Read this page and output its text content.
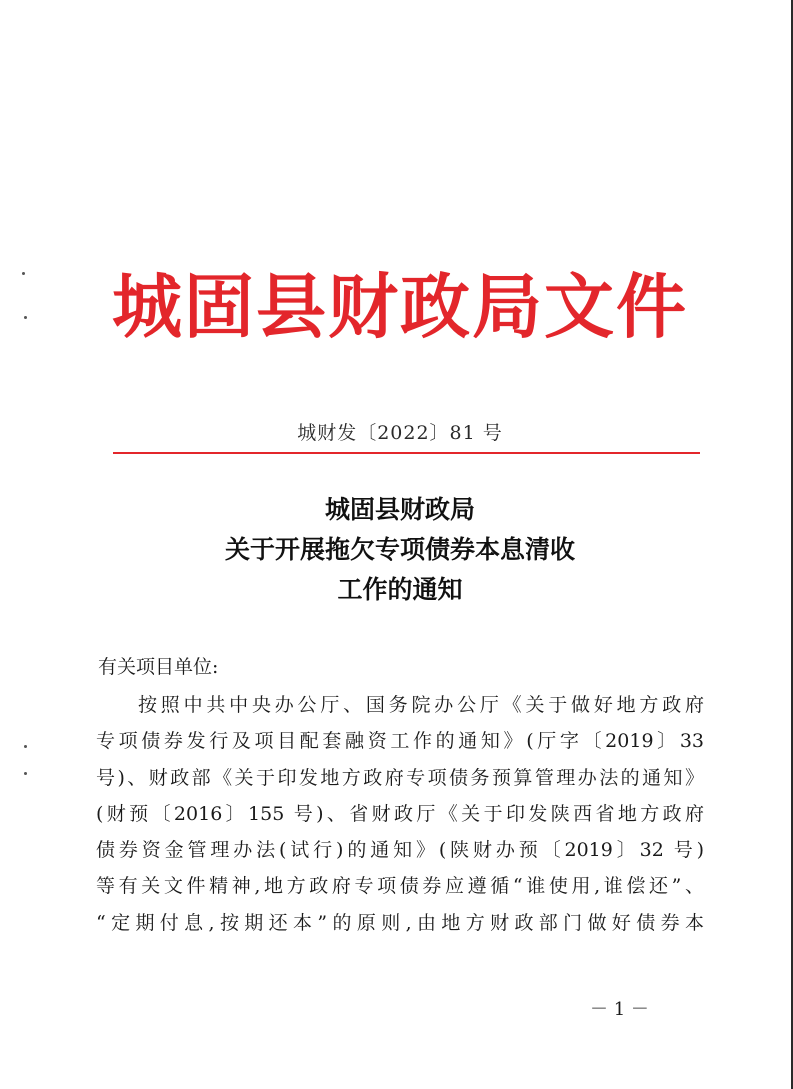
城固县财政局文件
城财发〔2022〕81 号
城固县财政局
关于开展拖欠专项债券本息清收
工作的通知
有关项目单位:
按照中共中央办公厅、国务院办公厅《关于做好地方政府
专项债券发行及项目配套融资工作的通知》(厅字〔2019〕33
号)、财政部《关于印发地方政府专项债务预算管理办法的通知》
(财预〔2016〕155 号)、省财政厅《关于印发陕西省地方政府
债券资金管理办法(试行)的通知》(陕财办预〔2019〕32 号)
等有关文件精神,地方政府专项债券应遵循“谁使用,谁偿还”、
“定期付息,按期还本”的原则,由地方财政部门做好债券本
－ 1 －
